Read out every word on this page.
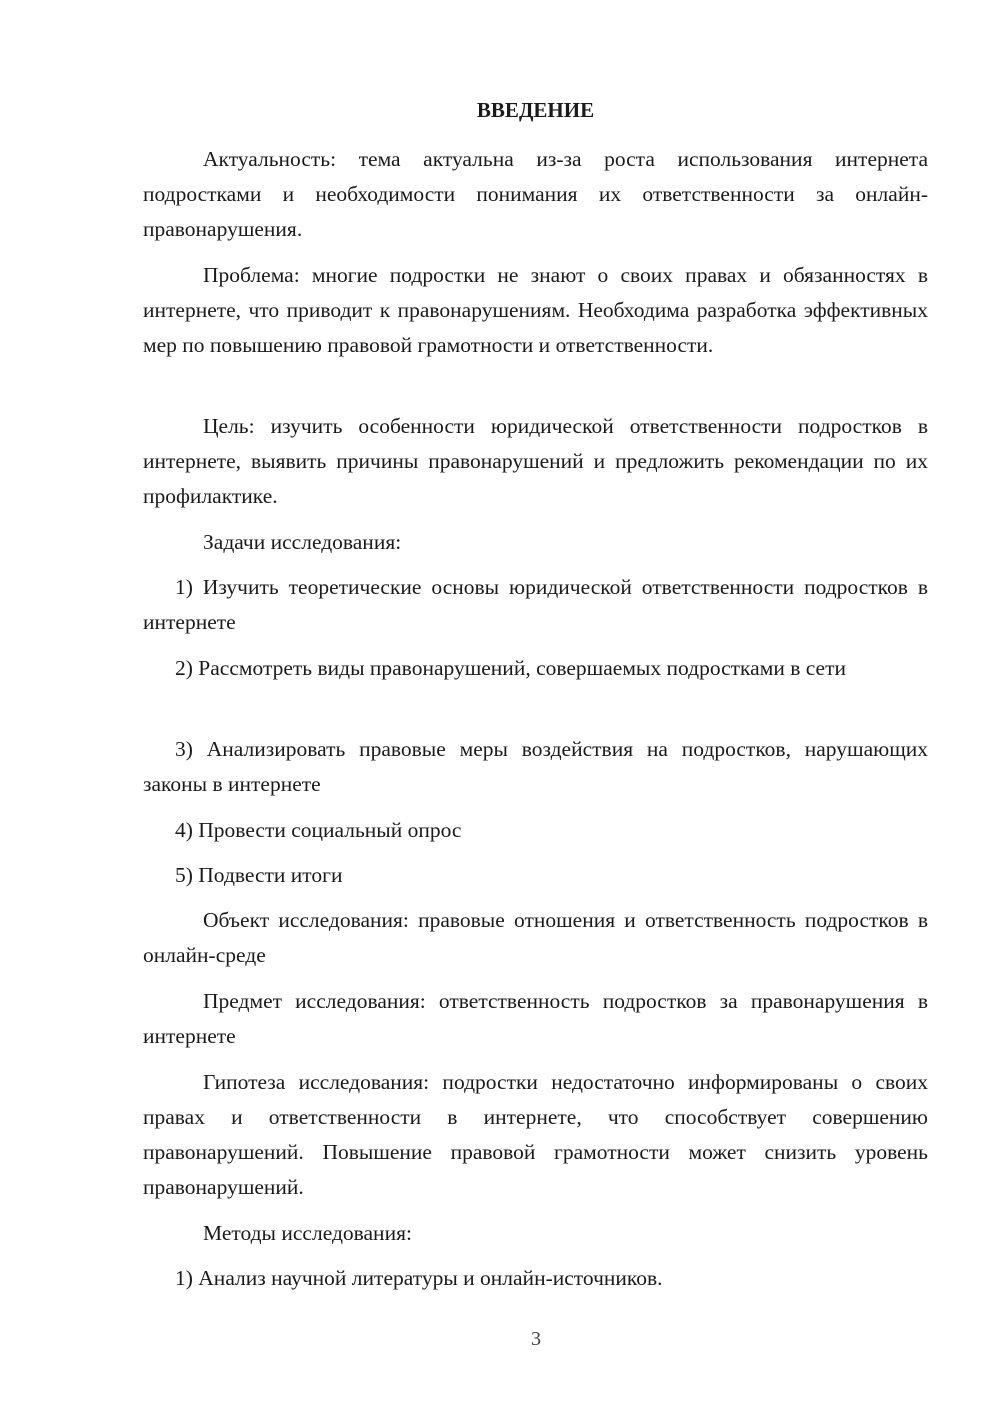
ВВЕДЕНИЕ

Актуальность: тема актуальна из-за роста использования интернета подростками и необходимости понимания их ответственности за онлайн-правонарушения.

Проблема: многие подростки не знают о своих правах и обязанностях в интернете, что приводит к правонарушениям. Необходима разработка эффективных мер по повышению правовой грамотности и ответственности.

Цель: изучить особенности юридической ответственности подростков в интернете, выявить причины правонарушений и предложить рекомендации по их профилактике.

Задачи исследования:

1) Изучить теоретические основы юридической ответственности подростков в интернете

2) Рассмотреть виды правонарушений, совершаемых подростками в сети

3) Анализировать правовые меры воздействия на подростков, нарушающих законы в интернете

4) Провести социальный опрос

5) Подвести итоги

Объект исследования: правовые отношения и ответственность подростков в онлайн-среде

Предмет исследования: ответственность подростков за правонарушения в интернете

Гипотеза исследования: подростки недостаточно информированы о своих правах и ответственности в интернете, что способствует совершению правонарушений. Повышение правовой грамотности может снизить уровень правонарушений.

Методы исследования:

1) Анализ научной литературы и онлайн-источников.

3
